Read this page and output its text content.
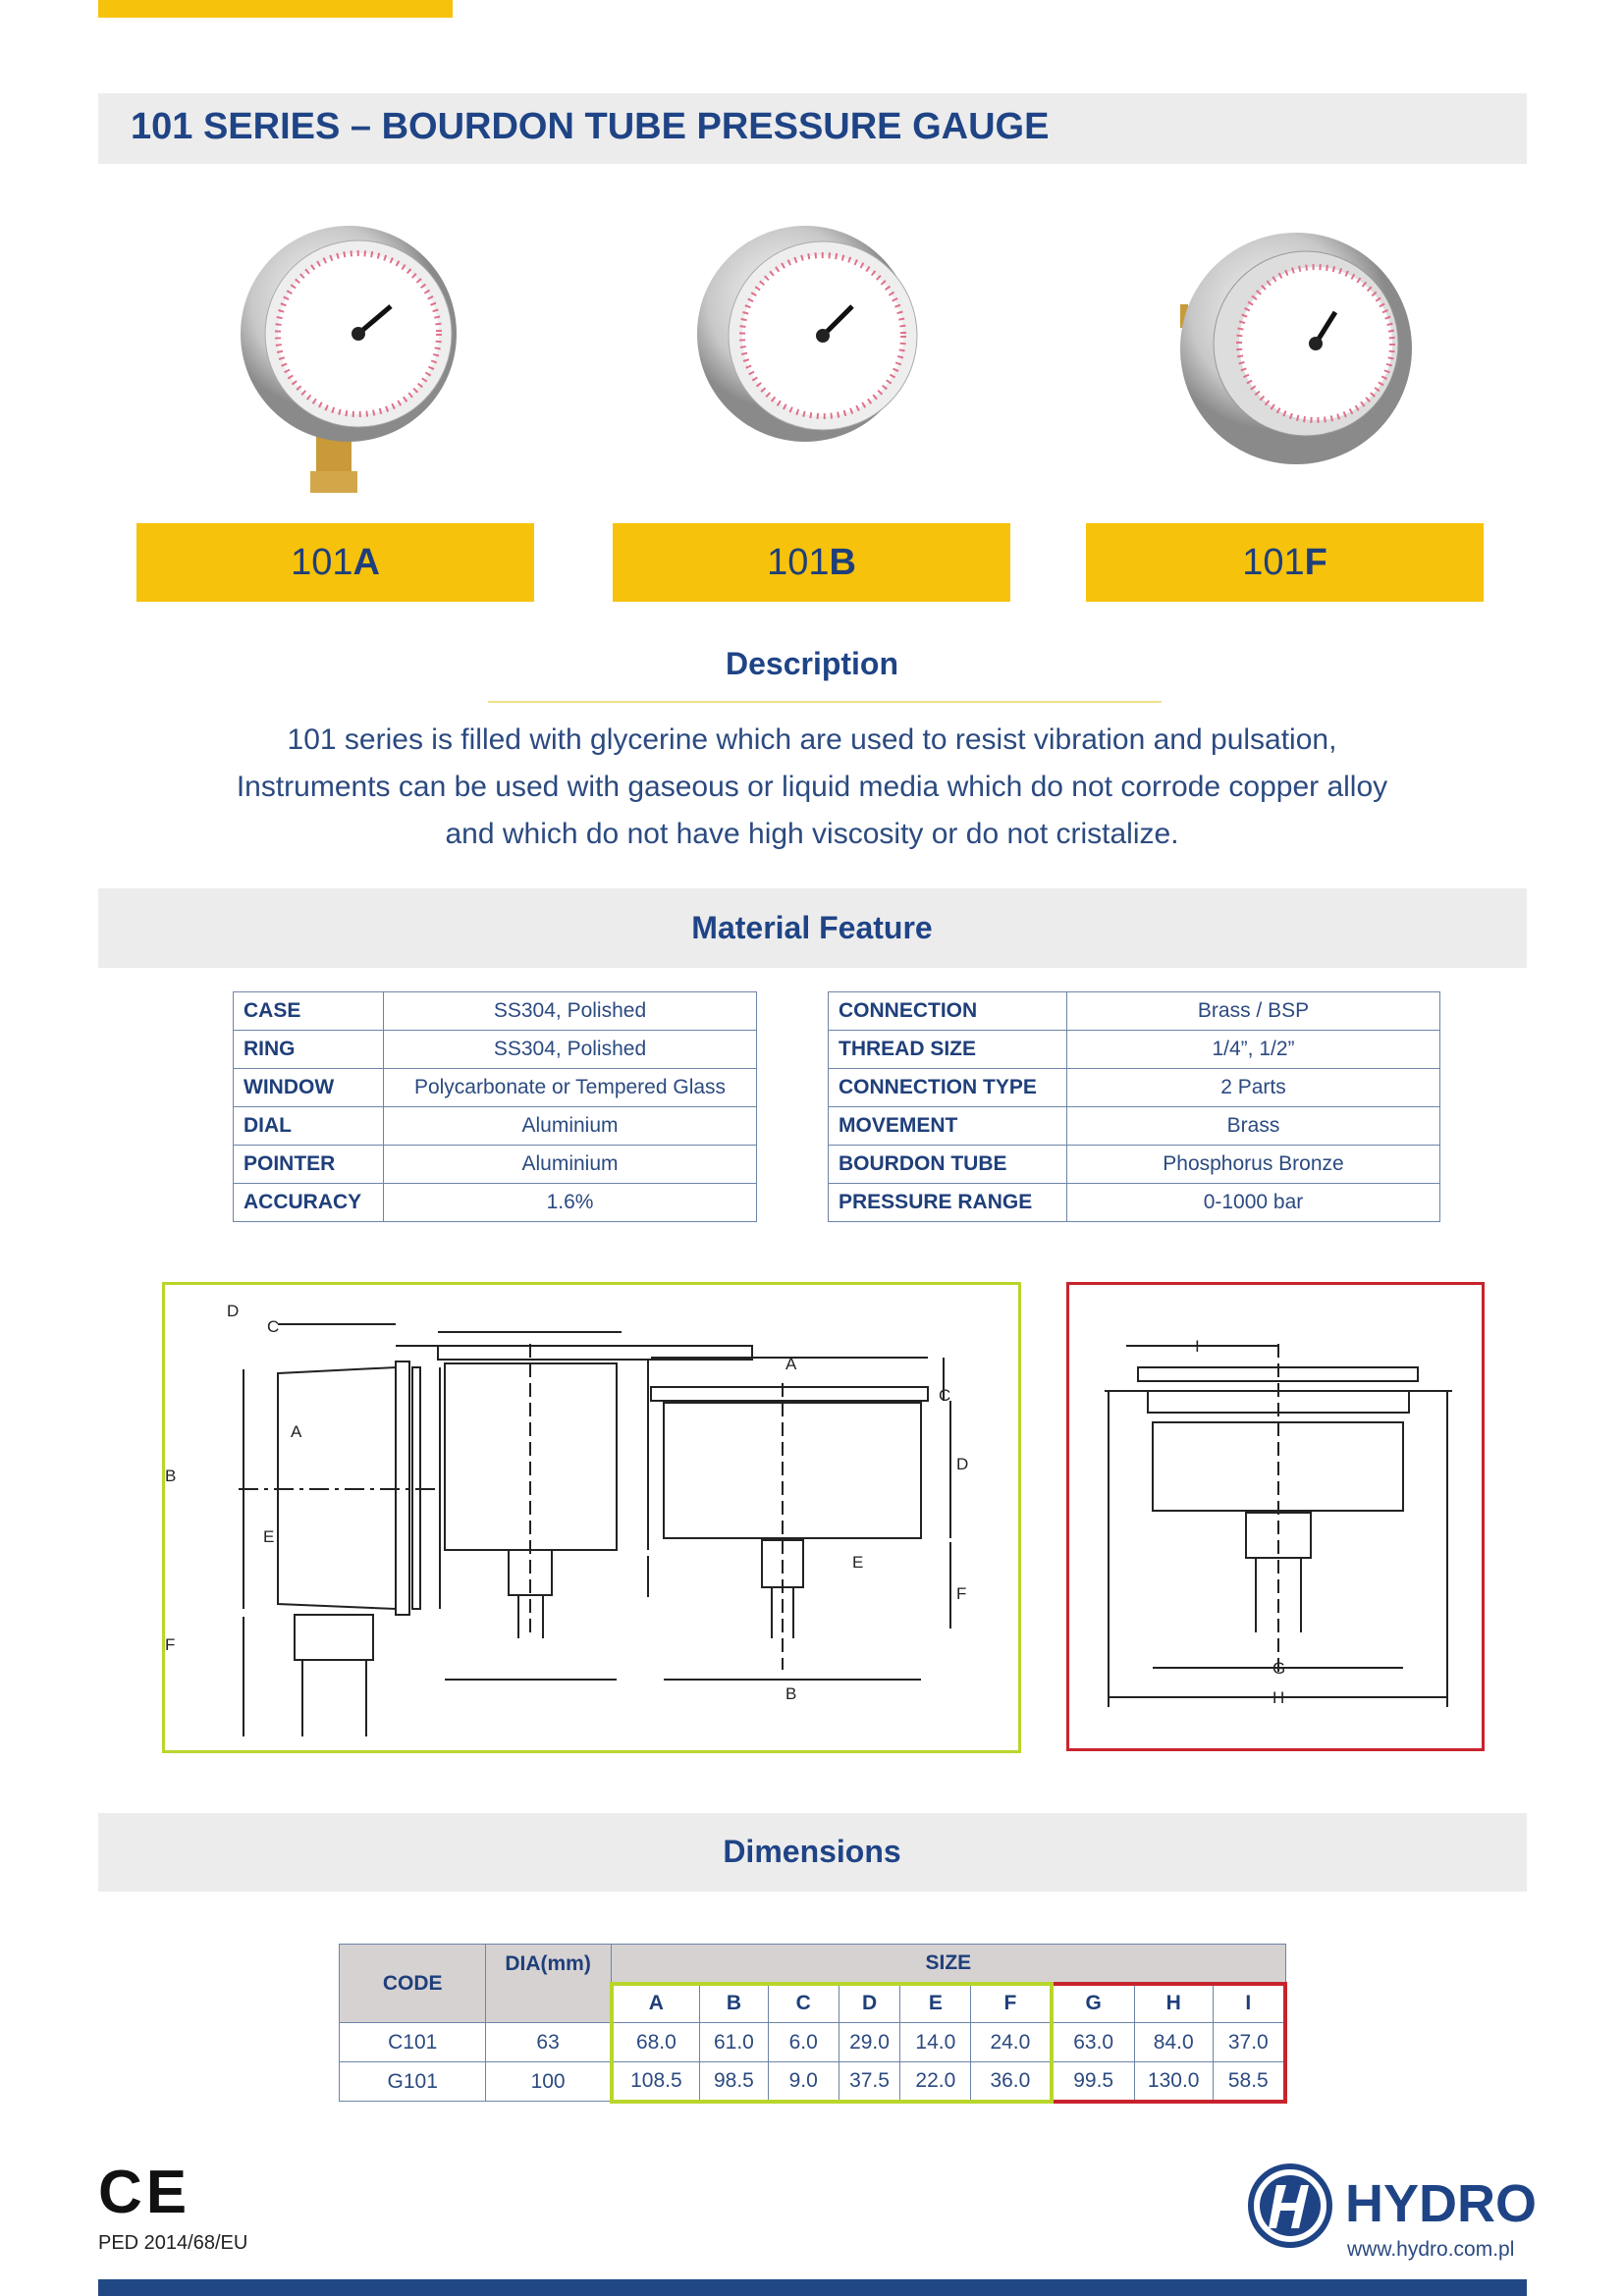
101 SERIES – BOURDON TUBE PRESSURE GAUGE
101 A	101 B	101 F
Description
101 series is filled with glycerine which are used to resist vibration and pulsation,
Instruments can be used with gaseous or liquid media which do not corrode copper alloy
and which do not have high viscosity or do not cristalize.
Material Feature
CASE	SS304, Polished
RING	SS304, Polished
WINDOW	Polycarbonate or Tempered Glass
DIAL	Aluminium
POINTER	Aluminium
ACCURACY	1.6%
CONNECTION	Brass / BSP
THREAD SIZE	1/4”, 1/2”
CONNECTION TYPE	2 Parts
MOVEMENT	Brass
BOURDON TUBE	Phosphorus Bronze
PRESSURE RANGE	0-1000 bar
D
C
A
B
E
F
A
C
D
E
F
B
I
G
H
Dimensions
CODE	DIA(mm)	SIZE								
		A	B	C	D	E	F	G	H	I
C101	63	68.0	61.0	6.0	29.0	14.0	24.0	63.0	84.0	37.0
G101	100	108.5	98.5	9.0	37.5	22.0	36.0	99.5	130.0	58.5
CE
PED 2014/68/EU
HYDRO
www.hydro.com.pl
